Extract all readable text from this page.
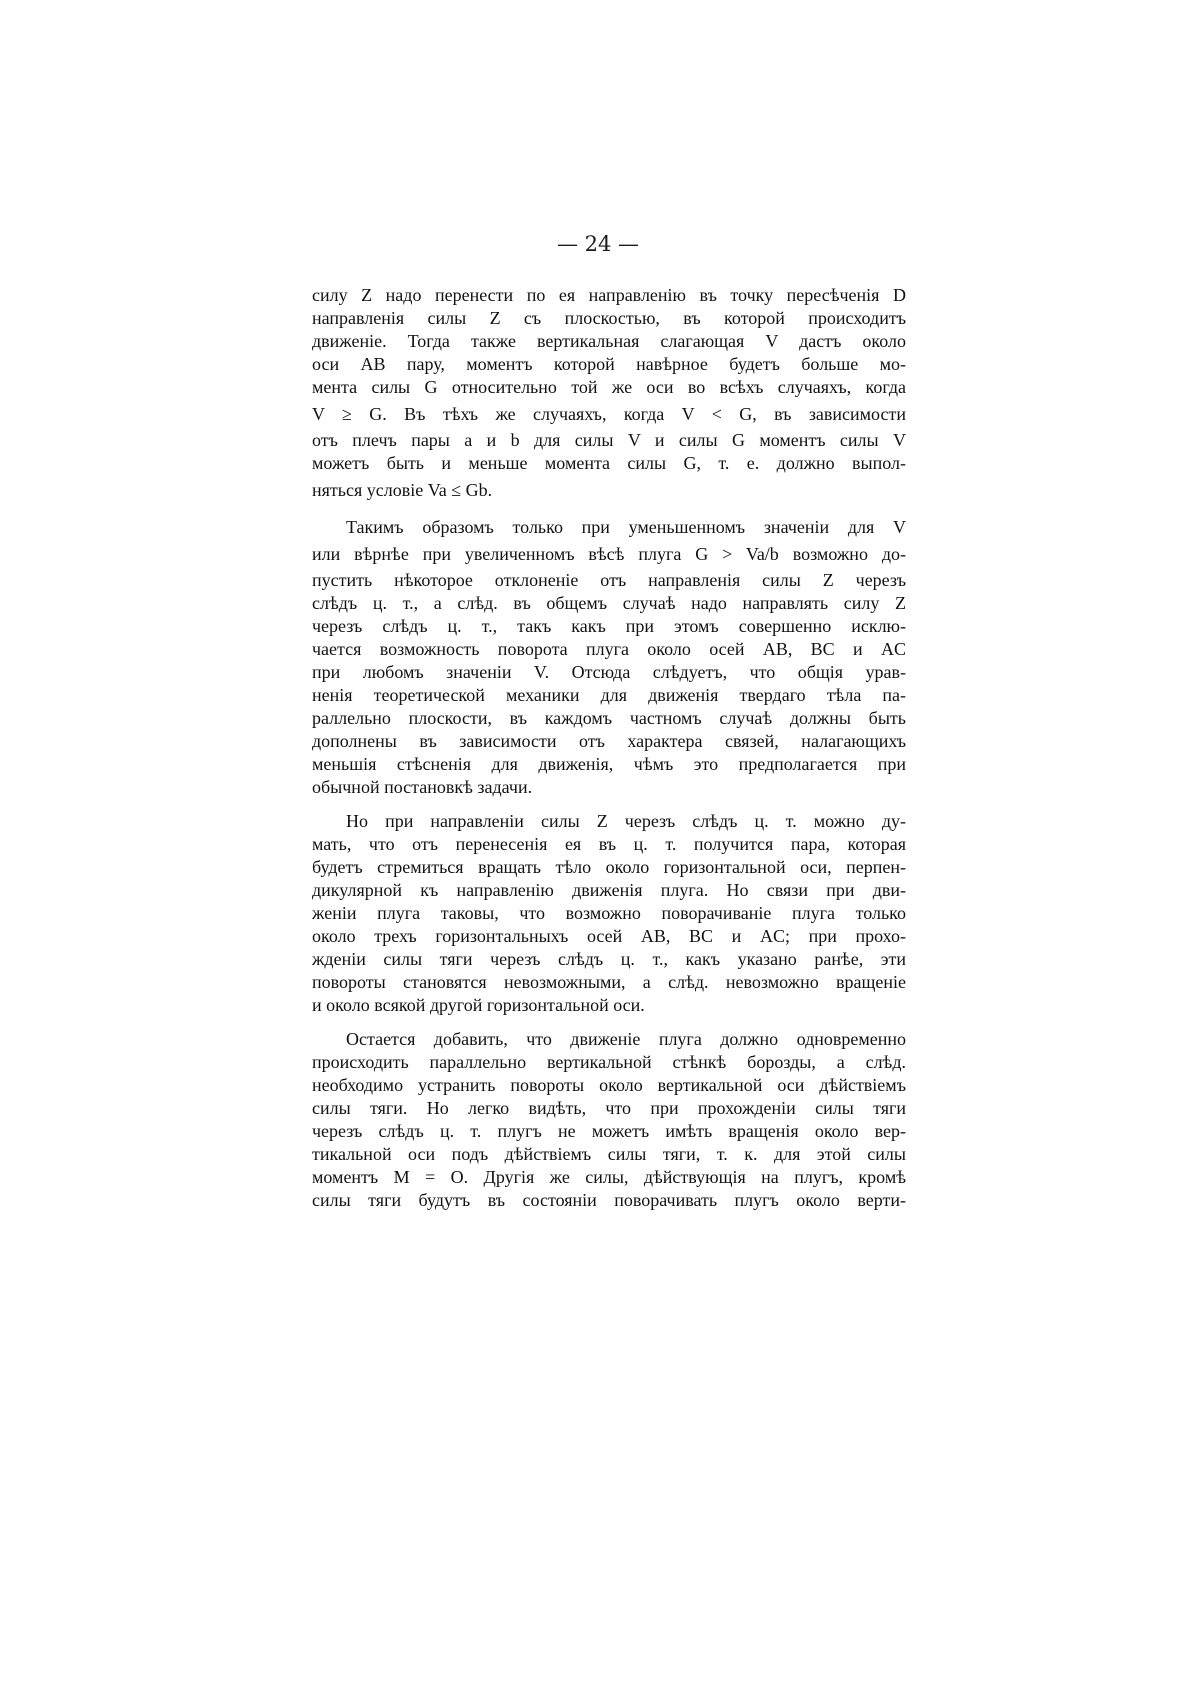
— 24 —
силу Z надо перенести по ея направленiю въ точку пересѣченiя D
направленiя силы Z съ плоскостью, въ которой происходитъ
движенiе. Тогда также вертикальная слагающая V дастъ около
оси AB пару, моментъ которой навѣрное будетъ больше мо-
мента силы G относительно той же оси во всѣхъ случаяхъ, когда
V ≥ G. Въ тѣхъ же случаяхъ, когда V < G, въ зависимости
отъ плечъ пары a и b для силы V и силы G моментъ силы V
можетъ быть и меньше момента силы G, т. е. должно выпол-
няться условiе Va ≤ Gb.
Такимъ образомъ только при уменьшенномъ значенiи для V
или вѣрнѣе при увеличенномъ вѣсѣ плуга G > Va/b возможно до-
пустить нѣкоторое отклоненiе отъ направленiя силы Z черезъ
слѣдъ ц. т., а слѣд. въ общемъ случаѣ надо направлять силу Z
черезъ слѣдъ ц. т., такъ какъ при этомъ совершенно исклю-
чается возможность поворота плуга около осей AB, BC и AC
при любомъ значенiи V. Отсюда слѣдуетъ, что общiя урав-
ненiя теоретической механики для движенiя твердаго тѣла па-
раллельно плоскости, въ каждомъ частномъ случаѣ должны быть
дополнены въ зависимости отъ характера связей, налагающихъ
меньшiя стѣсненiя для движенiя, чѣмъ это предполагается при
обычной постановкѣ задачи.
Но при направленiи силы Z черезъ слѣдъ ц. т. можно ду-
мать, что отъ перенесенiя ея въ ц. т. получится пара, которая
будетъ стремиться вращать тѣло около горизонтальной оси, перпен-
дикулярной къ направленiю движенiя плуга. Но связи при дви-
женiи плуга таковы, что возможно поворачиванiе плуга только
около трехъ горизонтальныхъ осей AB, BC и AC; при прохо-
жденiи силы тяги черезъ слѣдъ ц. т., какъ указано ранѣе, эти
повороты становятся невозможными, а слѣд. невозможно вращенiе
и около всякой другой горизонтальной оси.
Остается добавить, что движенiе плуга должно одновременно
происходить параллельно вертикальной стѣнкѣ борозды, а слѣд.
необходимо устранить повороты около вертикальной оси дѣйствiемъ
силы тяги. Но легко видѣть, что при прохожденiи силы тяги
черезъ слѣдъ ц. т. плугъ не можетъ имѣть вращенiя около вер-
тикальной оси подъ дѣйствiемъ силы тяги, т. к. для этой силы
моментъ M = O. Другiя же силы, дѣйствующiя на плугъ, кромѣ
силы тяги будутъ въ состоянiи поворачивать плугъ около верти-
